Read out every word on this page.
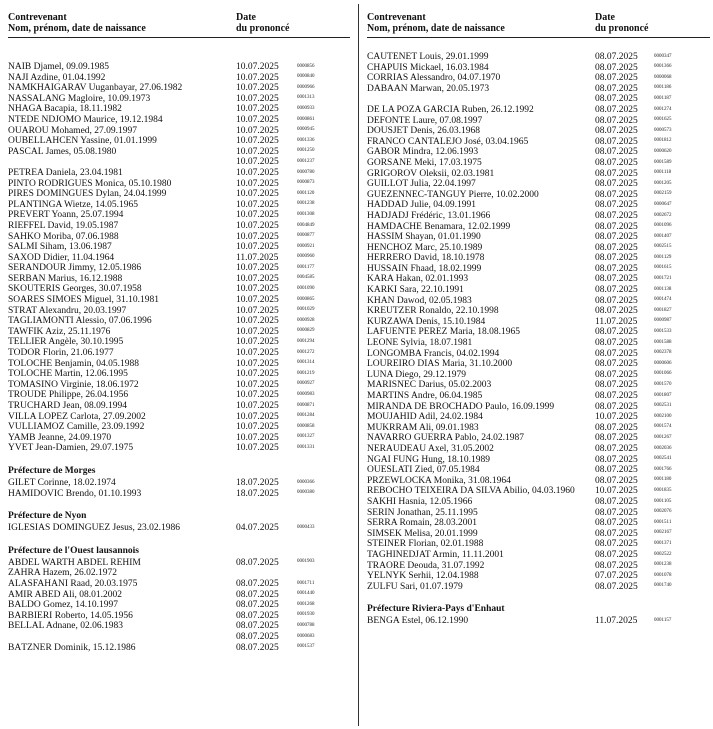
Contrevenant
Nom, prénom, date de naissance
Date
du prononcé
NAIB Djamel, 09.09.1985	10.07.2025	0000856
NAJI Azdine, 01.04.1992	10.07.2025	0000840
NAMKHAIGARAV Uuganbayar, 27.06.1982	10.07.2025	0000966
NASSALANG Magloire, 10.09.1973	10.07.2025	0001313
NHAGA Bacapia, 18.11.1982	10.07.2025	0000933
NTEDE NDJOMO Maurice, 19.12.1984	10.07.2025	0000861
OUAROU Mohamed, 27.09.1997	10.07.2025	0000945
OUBELLAHCEN Yassine, 01.01.1999	10.07.2025	0001336
PASCAL James, 05.08.1980	10.07.2025	0001250
10.07.2025	0001237
PETREA Daniela, 23.04.1981	10.07.2025	0000780
PINTO RODRIGUES Monica, 05.10.1980	10.07.2025	0000873
PIRES DOMINGUES Dylan, 24.04.1999	10.07.2025	0001120
PLANTINGA Wietze, 14.05.1965	10.07.2025	0001238
PREVERT Yoann, 25.07.1994	10.07.2025	0001308
RIEFFEL David, 19.05.1987	10.07.2025	0004849
SAHKO Moriba, 07.06.1988	10.07.2025	0000877
SALMI Siham, 13.06.1987	10.07.2025	0000921
SAXOD Didier, 11.04.1964	11.07.2025	0000960
SERANDOUR Jimmy, 12.05.1986	10.07.2025	0001177
SERBAN Marius, 16.12.1988	10.07.2025	0004585
SKOUTERIS Georges, 30.07.1958	10.07.2025	0001090
SOARES SIMOES Miguel, 31.10.1981	10.07.2025	0000865
STRAT Alexandru, 20.03.1997	10.07.2025	0001029
TAGLIAMONTI Alessio, 07.06.1996	10.07.2025	0000928
TAWFIK Aziz, 25.11.1976	10.07.2025	0000829
TELLIER Angèle, 30.10.1995	10.07.2025	0001294
TODOR Florin, 21.06.1977	10.07.2025	0001272
TOLOCHE Benjamin, 04.05.1988	10.07.2025	0001314
TOLOCHE Martin, 12.06.1995	10.07.2025	0001219
TOMASINO Virginie, 18.06.1972	10.07.2025	0000927
TROUDE Philippe, 26.04.1956	10.07.2025	0000983
TRUCHARD Jean, 08.09.1994	10.07.2025	0000871
VILLA LOPEZ Carlota, 27.09.2002	10.07.2025	0001284
VULLIAMOZ Camille, 23.09.1992	10.07.2025	0000858
YAMB Jeanne, 24.09.1970	10.07.2025	0001327
YVET Jean-Damien, 29.07.1975	10.07.2025	0001331
Préfecture de Morges
GILET Corinne, 18.02.1974	18.07.2025	0000366
HAMIDOVIC Brendo, 01.10.1993	18.07.2025	0000380
Préfecture de Nyon
IGLESIAS DOMINGUEZ Jesus, 23.02.1986	04.07.2025	0000433
Préfecture de l'Ouest lausannois
ABDEL WARTH ABDEL REHIM	08.07.2025	0001903
ZAHRA Hazem, 26.02.1972
ALASFAHANI Raad, 20.03.1975	08.07.2025	0001711
AMIR ABED Ali, 08.01.2002	08.07.2025	0001440
BALDO Gomez, 14.10.1997	08.07.2025	0001268
BARBIERI Roberto, 14.05.1956	08.07.2025	0001930
BELLAL Adnane, 02.06.1983	08.07.2025	0000788
08.07.2025	0000683
BÄTZNER Dominik, 15.12.1986	08.07.2025	0001537
Contrevenant
Nom, prénom, date de naissance
Date
du prononcé
CAUTENET Louis, 29.01.1999	08.07.2025	0000347
CHAPUIS Mickael, 16.03.1984	08.07.2025	0001366
CORRIAS Alessandro, 04.07.1970	08.07.2025	0000068
DABAAN Marwan, 20.05.1973	08.07.2025	0001186
08.07.2025	0001187
DE LA POZA GARCIA Ruben, 26.12.1992	08.07.2025	0001274
DEFONTE Laure, 07.08.1997	08.07.2025	0001625
DOUSJET Denis, 26.03.1968	08.07.2025	0000573
FRANCO CANTALEJO José, 03.04.1965	08.07.2025	0001812
GABOR Mindra, 12.06.1993	08.07.2025	0000620
GORSANE Meki, 17.03.1975	08.07.2025	0001589
GRIGOROV Oleksii, 02.03.1981	08.07.2025	0001118
GUILLOT Julia, 22.04.1997	08.07.2025	0001205
GUÉZENNEC-TANGUY Pierre, 10.02.2000	08.07.2025	0002159
HADDAD Julie, 04.09.1991	08.07.2025	0000647
HADJADJ Frédéric, 13.01.1966	08.07.2025	0002672
HAMDACHE Benamara, 12.02.1999	08.07.2025	0001096
HASSIM Shayan, 01.01.1990	08.07.2025	0001407
HENCHOZ Marc, 25.10.1989	08.07.2025	0002515
HERRERO David, 18.10.1978	08.07.2025	0001129
HUSSAIN Fhaad, 18.02.1999	08.07.2025	0001615
KARA Hakan, 02.01.1993	08.07.2025	0001721
KARKI Sara, 22.10.1991	08.07.2025	0001138
KHAN Dawod, 02.05.1983	08.07.2025	0001474
KREUTZER Ronaldo, 22.10.1998	08.07.2025	0001827
KURZAWA Denis, 15.10.1984	11.07.2025	0000987
LAFUENTE PEREZ Maria, 18.08.1965	08.07.2025	0001533
LEONE Sylvia, 18.07.1981	08.07.2025	0001588
LONGOMBA Francis, 04.02.1994	08.07.2025	0002378
LOUREIRO DIAS Maria, 31.10.2000	08.07.2025	0000606
LUNA Diego, 29.12.1979	08.07.2025	0001066
MARISNEC Darius, 05.02.2003	08.07.2025	0001570
MARTINS Andre, 06.04.1985	08.07.2025	0001807
MIRANDA DE BROCHADO Paulo, 16.09.1999	08.07.2025	0002531
MOUJAHID Adil, 24.02.1984	10.07.2025	0002100
MUKRRAM Ali, 09.01.1983	08.07.2025	0001574
NAVARRO GUERRA Pablo, 24.02.1987	08.07.2025	0001267
NERAUDEAU Axel, 31.05.2002	08.07.2025	0002036
NGAI FUNG Hung, 18.10.1989	08.07.2025	0002541
OUESLATI Zied, 07.05.1984	08.07.2025	0001766
PRZEWLOCKA Monika, 31.08.1964	08.07.2025	0001180
REBOCHO TEIXEIRA DA SILVA Abilio, 04.03.1960	10.07.2025	0001835
SAKHI Hasnia, 12.05.1966	08.07.2025	0001105
SERIN Jonathan, 25.11.1995	08.07.2025	0002076
SERRA Romain, 28.03.2001	08.07.2025	0001511
SIMSEK Melisa, 20.01.1999	08.07.2025	0002167
STEINER Florian, 02.01.1988	08.07.2025	0001371
TAGHINEDJAT Armin, 11.11.2001	08.07.2025	0002522
TRAORE Deouda, 31.07.1992	08.07.2025	0001238
YELNYK Serhii, 12.04.1988	07.07.2025	0001078
ZULFU Sari, 01.07.1979	08.07.2025	0001740
Préfecture Riviera-Pays d'Enhaut
BENGA Estel, 06.12.1990	11.07.2025	0001157
